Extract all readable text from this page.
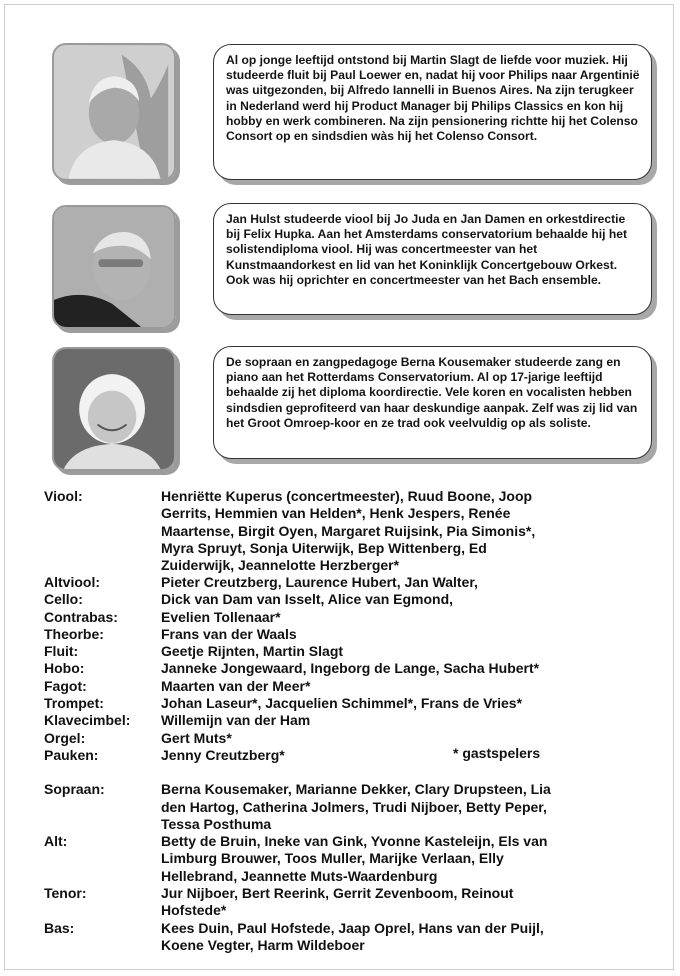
Al op jonge leeftijd ontstond bij Martin Slagt de liefde voor muziek. Hij studeerde fluit bij Paul Loewer en, nadat hij voor Philips naar Argentinië was uitgezonden, bij Alfredo Iannelli in Buenos Aires. Na zijn terugkeer in Nederland werd hij Product Manager bij Philips Classics en kon hij hobby en werk combineren. Na zijn pensionering richtte hij het Colenso Consort op en sindsdien wàs hij het Colenso Consort.
Jan Hulst studeerde viool bij Jo Juda en Jan Damen en orkestdirectie bij Felix Hupka. Aan het Amsterdams conservatorium behaalde hij het solistendiploma viool. Hij was concertmeester van het Kunstmaandorkest en lid van het Koninklijk Concertgebouw Orkest. Ook was hij oprichter en concertmeester van het Bach ensemble.
De sopraan en zangpedagoge Berna Kousemaker studeerde zang en piano aan het Rotterdams Conservatorium. Al op 17-jarige leeftijd behaalde zij het diploma koordirectie. Vele koren en vocalisten hebben sindsdien geprofiteerd van haar deskundige aanpak. Zelf was zij lid van het Groot Omroep-koor en ze trad ook veelvuldig op als soliste.
Viool:	Henriëtte Kuperus (concertmeester), Ruud Boone, Joop Gerrits, Hemmien van Helden*, Henk Jespers, Renée Maartense, Birgit Oyen, Margaret Ruijsink, Pia Simonis*, Myra Spruyt, Sonja Uiterwijk, Bep Wittenberg, Ed Zuiderwijk, Jeannelotte Herzberger*
Altviool:	Pieter Creutzberg, Laurence Hubert, Jan Walter,
Cello:	Dick van Dam van Isselt, Alice van Egmond,
Contrabas:	Evelien Tollenaar*
Theorbe:	Frans van der Waals
Fluit:	Geetje Rijnten, Martin Slagt
Hobo:	Janneke Jongewaard, Ingeborg de Lange, Sacha Hubert*
Fagot:	Maarten van der Meer*
Trompet:	Johan Laseur*, Jacquelien Schimmel*, Frans de Vries*
Klavecimbel:	Willemijn van der Ham
Orgel:	Gert Muts*
Pauken:	Jenny Creutzberg*
Sopraan:	Berna Kousemaker, Marianne Dekker, Clary Drupsteen, Lia den Hartog, Catherina Jolmers, Trudi Nijboer, Betty Peper, Tessa Posthuma
Alt:	Betty de Bruin, Ineke van Gink, Yvonne Kasteleijn, Els van Limburg Brouwer, Toos Muller, Marijke Verlaan, Elly Hellebrand, Jeannette Muts-Waardenburg
Tenor:	Jur Nijboer, Bert Reerink, Gerrit Zevenboom, Reinout Hofstede*
Bas:	Kees Duin, Paul Hofstede, Jaap Oprel, Hans van der Puijl, Koene Vegter, Harm Wildeboer
* gastspelers
